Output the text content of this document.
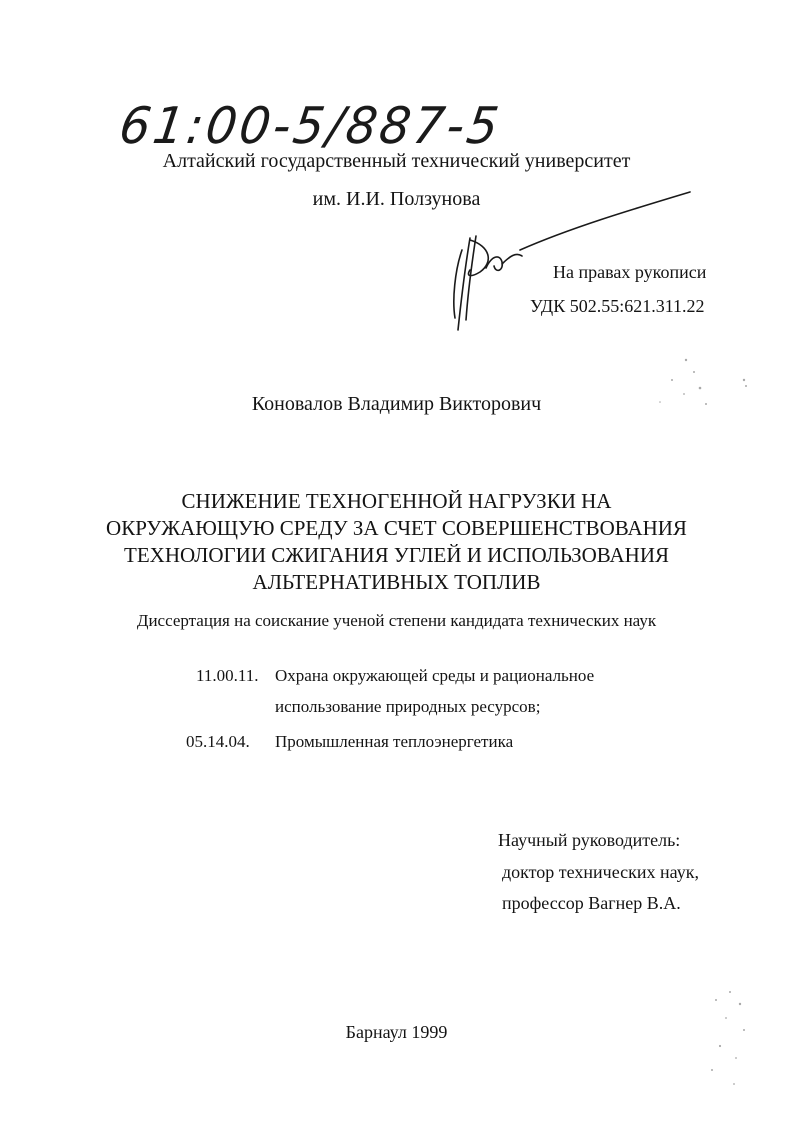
61:00-5/887-5
Алтайский государственный технический университет
им. И.И. Ползунова
На правах рукописи
УДК 502.55:621.311.22
Коновалов Владимир Викторович
СНИЖЕНИЕ ТЕХНОГЕННОЙ НАГРУЗКИ НА
ОКРУЖАЮЩУЮ СРЕДУ ЗА СЧЕТ СОВЕРШЕНСТВОВАНИЯ
ТЕХНОЛОГИИ СЖИГАНИЯ УГЛЕЙ И ИСПОЛЬЗОВАНИЯ
АЛЬТЕРНАТИВНЫХ ТОПЛИВ
Диссертация на соискание ученой степени кандидата технических наук
11.00.11. Охрана окружающей среды и рациональное
использование природных ресурсов;
05.14.04. Промышленная теплоэнергетика
Научный руководитель:
доктор технических наук,
профессор Вагнер В.А.
Барнаул 1999
